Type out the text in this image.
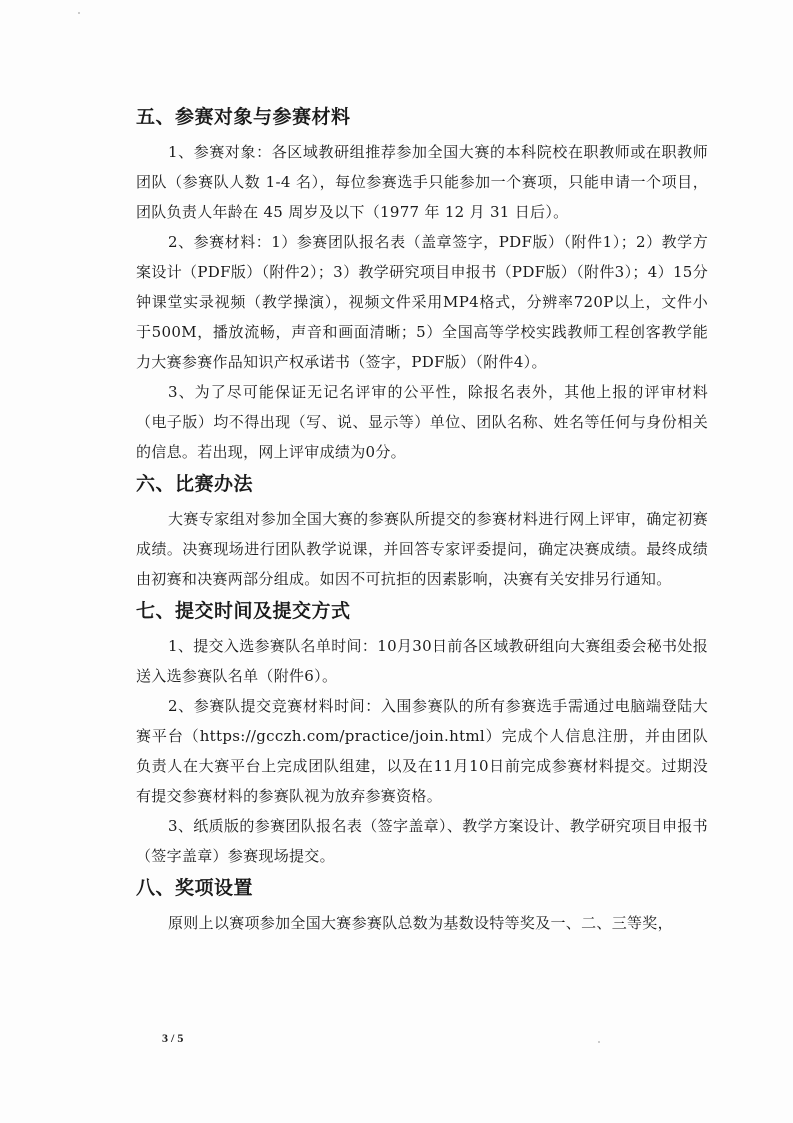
五、参赛对象与参赛材料

1、参赛对象：各区域教研组推荐参加全国大赛的本科院校在职教师或在职教师团队（参赛队人数 1-4 名），每位参赛选手只能参加一个赛项，只能申请一个项目，团队负责人年龄在 45 周岁及以下（1977 年 12 月 31 日后）。

2、参赛材料：1）参赛团队报名表（盖章签字，PDF版）（附件1）；2）教学方案设计（PDF版）（附件2）；3）教学研究项目申报书（PDF版）（附件3）；4）15分钟课堂实录视频（教学操演），视频文件采用MP4格式，分辨率720P以上，文件小于500M，播放流畅，声音和画面清晰；5）全国高等学校实践教师工程创客教学能力大赛参赛作品知识产权承诺书（签字，PDF版）（附件4）。

3、为了尽可能保证无记名评审的公平性，除报名表外，其他上报的评审材料（电子版）均不得出现（写、说、显示等）单位、团队名称、姓名等任何与身份相关的信息。若出现，网上评审成绩为0分。

六、比赛办法

大赛专家组对参加全国大赛的参赛队所提交的参赛材料进行网上评审，确定初赛成绩。决赛现场进行团队教学说课，并回答专家评委提问，确定决赛成绩。最终成绩由初赛和决赛两部分组成。如因不可抗拒的因素影响，决赛有关安排另行通知。

七、提交时间及提交方式

1、提交入选参赛队名单时间：10月30日前各区域教研组向大赛组委会秘书处报送入选参赛队名单（附件6）。

2、参赛队提交竞赛材料时间：入围参赛队的所有参赛选手需通过电脑端登陆大赛平台（https://gcczh.com/practice/join.html）完成个人信息注册，并由团队负责人在大赛平台上完成团队组建，以及在11月10日前完成参赛材料提交。过期没有提交参赛材料的参赛队视为放弃参赛资格。

3、纸质版的参赛团队报名表（签字盖章）、教学方案设计、教学研究项目申报书（签字盖章）参赛现场提交。

八、奖项设置

原则上以赛项参加全国大赛参赛队总数为基数设特等奖及一、二、三等奖，

3 / 5
